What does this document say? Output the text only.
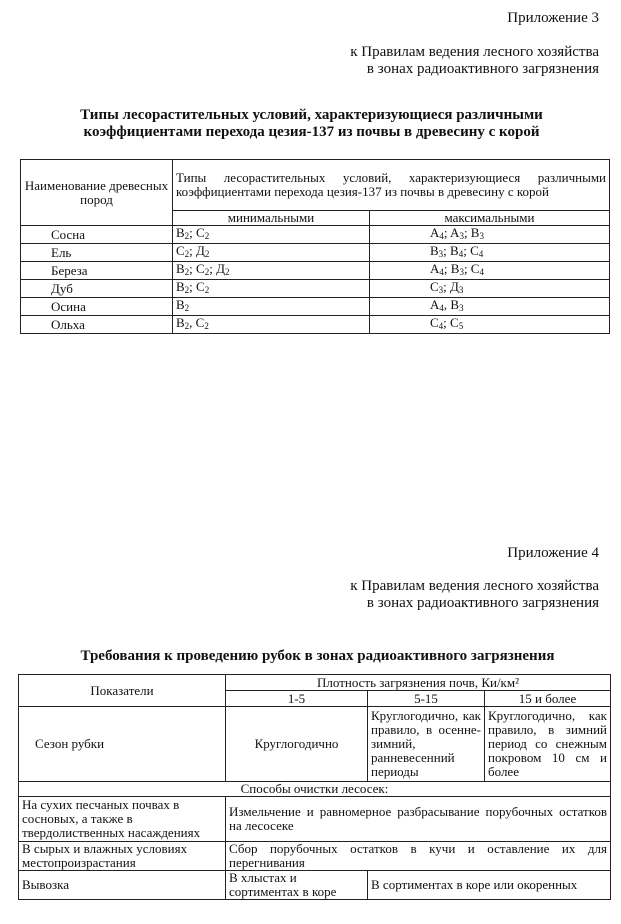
Приложение 3
к Правилам ведения лесного хозяйства
в зонах радиоактивного загрязнения
Типы лесорастительных условий, характеризующиеся различными
коэффициентами перехода цезия-137 из почвы в древесину с корой
Наименование древесных пород	Типы лесорастительных условий, характеризующиеся различными коэффициентами перехода цезия-137 из почвы в древесину с корой	
	минимальными	максимальными
Сосна	$B_2$; $C_2$	$A_4$; $A_3$; $B_3$
Ель	$C_2$; $Д_2$	$B_3$; $B_4$; $C_4$
Береза	$B_2$; $C_2$; $Д_2$	$A_4$; $B_3$; $C_4$
Дуб	$B_2$; $C_2$	$C_3$; $Д_3$
Осина	$B_2$	$A_4$, $B_3$
Ольха	$B_2$, $C_2$	$C_4$; $C_5$
Приложение 4
к Правилам ведения лесного хозяйства
в зонах радиоактивного загрязнения
Требования к проведению рубок в зонах радиоактивного загрязнения
Показатели	Плотность загрязнения почв, Ки/км²		
	1-5	5-15	15 и более
Сезон рубки	Круглогодично	Круглогодично, как правило, в осенне-зимний, ранневесенний периоды	Круглогодично, как правило, в зимний период со снежным покровом 10 см и более
Способы очистки лесосек:			
На сухих песчаных почвах в сосновых, а также в твердолиственных насаждениях	Измельчение и равномерное разбрасывание порубочных остатков на лесосеке		
В сырых и влажных условиях местопроизрастания	Сбор порубочных остатков в кучи и оставление их для перегнивания		
Вывозка	В хлыстах и сортиментах в коре	В сортиментах в коре или окоренных	
